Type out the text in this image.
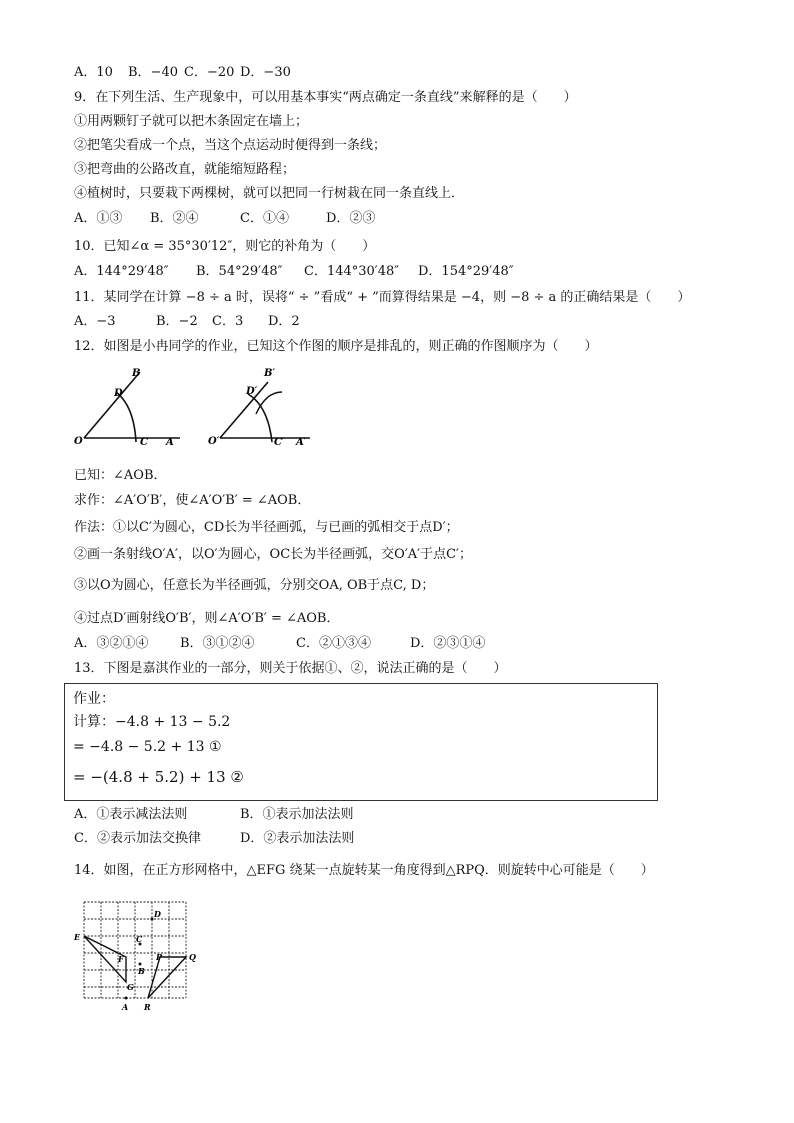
A．10 B．−40 C．−20 D．−30
9．在下列生活、生产现象中，可以用基本事实“两点确定一条直线”来解释的是（　　）
①用两颗钉子就可以把木条固定在墙上；
②把笔尖看成一个点，当这个点运动时便得到一条线；
③把弯曲的公路改直，就能缩短路程；
④植树时，只要栽下两棵树，就可以把同一行树栽在同一条直线上．
A．①③ B．②④	C．①④	D．②③
10．已知∠α = 35°30′12″，则它的补角为（　　）
A．144°29′48″ B．54°29′48″ C．144°30′48″ D．154°29′48″
11．某同学在计算 −8 ÷ a 时，误将“ ÷ ”看成“ + ”而算得结果是 −4，则 −8 ÷ a 的正确结果是（　　）
A．−3	B．−2 C．3 D．2
12．如图是小冉同学的作业，已知这个作图的顺序是排乱的，则正确的作图顺序为（　　）
B
D
O	C A
B′
D′
O′	C′ A′
已知：∠AOB．
求作：∠A′O′B′，使∠A′O′B′ = ∠AOB．
作法：①以C′为圆心，CD长为半径画弧，与已画的弧相交于点D′；
②画一条射线O′A′，以O′为圆心，OC长为半径画弧，交O′A′于点C′；
③以O为圆心，任意长为半径画弧，分别交OA, OB于点C, D；
④过点D′画射线O′B′，则∠A′O′B′ = ∠AOB．
A．③②①④ B．③①②④	C．②①③④	D．②③①④
13．下图是嘉淇作业的一部分，则关于依据①、②，说法正确的是（　　）
作业：
计算：−4.8 + 13 − 5.2
= −4.8 − 5.2 + 13 ①
= −(4.8 + 5.2) + 13 ②
A．①表示减法法则	B．①表示加法法则
C．②表示加法交换律	D．②表示加法法则
14．如图，在正方形网格中，△EFG 绕某一点旋转某一角度得到△RPQ．则旋转中心可能是（　　）
D
E	C
F
B
P	Q
G
A R
